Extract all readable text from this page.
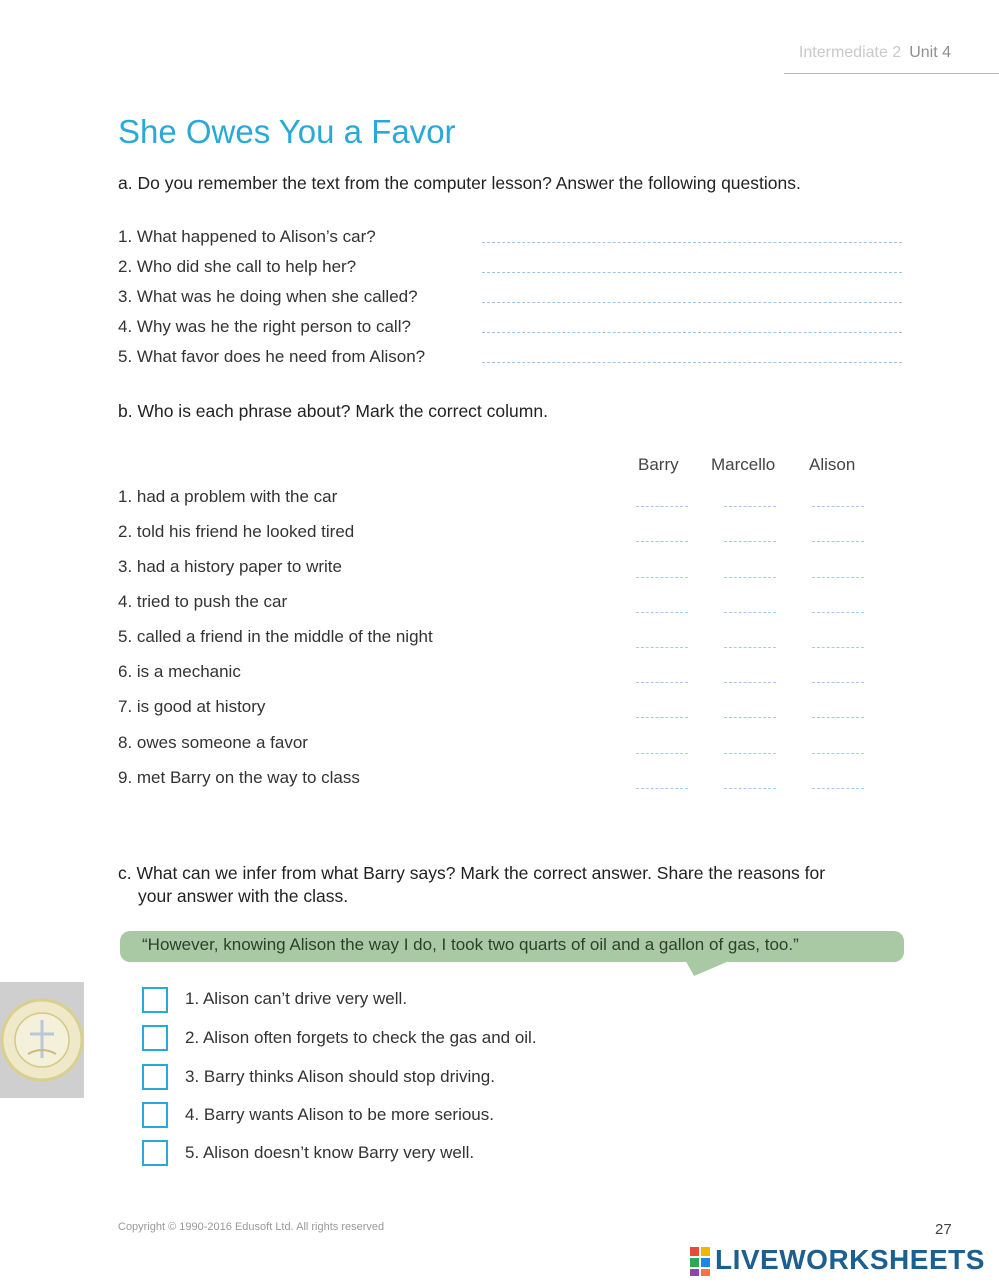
Intermediate 2 Unit 4
She Owes You a Favor
a. Do you remember the text from the computer lesson? Answer the following questions.
1. What happened to Alison’s car?
2. Who did she call to help her?
3. What was he doing when she called?
4. Why was he the right person to call?
5. What favor does he need from Alison?
b. Who is each phrase about? Mark the correct column.
Barry Marcello Alison
1. had a problem with the car
2. told his friend he looked tired
3. had a history paper to write
4. tried to push the car
5. called a friend in the middle of the night
6. is a mechanic
7. is good at history
8. owes someone a favor
9. met Barry on the way to class
c. What can we infer from what Barry says? Mark the correct answer. Share the reasons for
your answer with the class.
“However, knowing Alison the way I do, I took two quarts of oil and a gallon of gas, too.”
1. Alison can’t drive very well.
2. Alison often forgets to check the gas and oil.
3. Barry thinks Alison should stop driving.
4. Barry wants Alison to be more serious.
5. Alison doesn’t know Barry very well.
Copyright © 1990-2016 Edusoft Ltd. All rights reserved	27
LIVEWORKSHEETS
